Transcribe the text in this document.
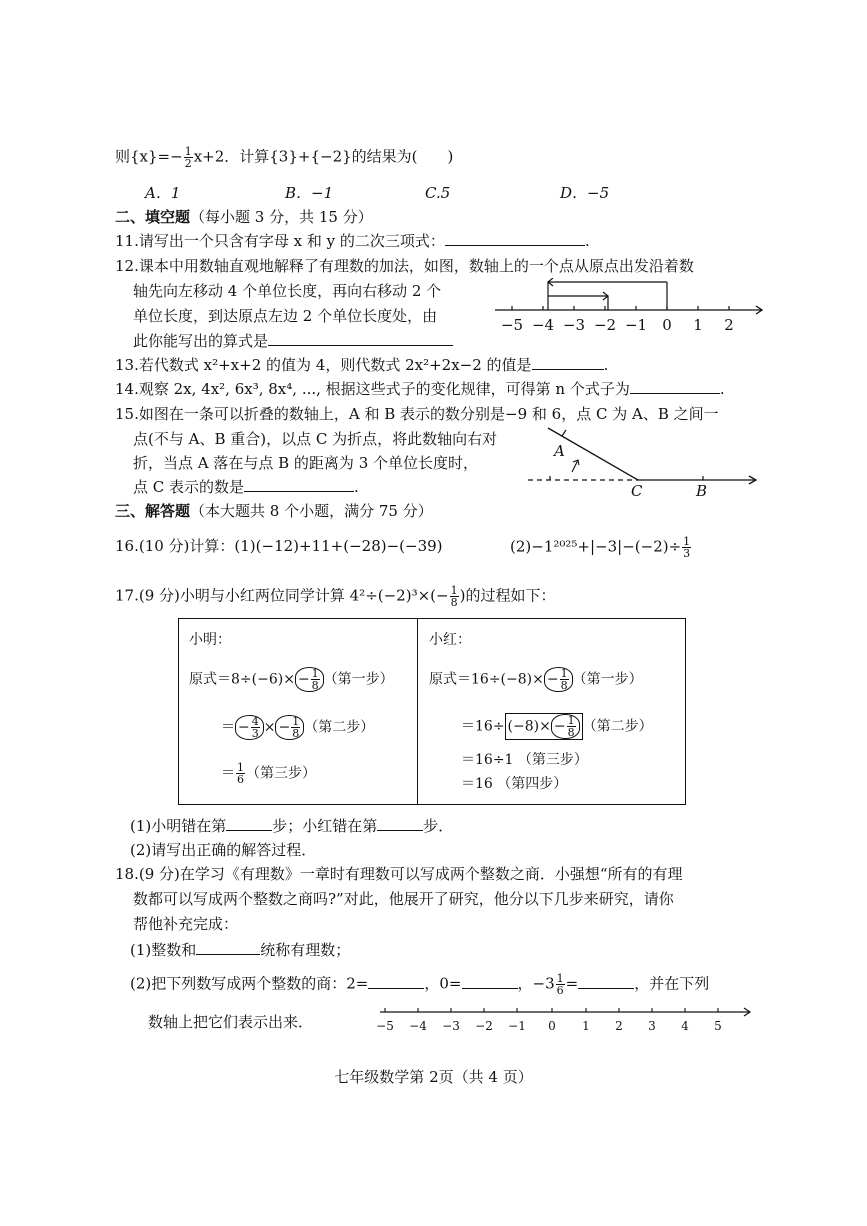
则$\{x\}=- \frac{1}{2} x+2$．计算{3}+{−2}的结果为(　　)
A．1	B．−1	C.5	D．−5
二、填空题（每小题 3 分，共 15 分）
11.请写出一个只含有字母 x 和 y 的二次三项式：	.
12.课本中用数轴直观地解释了有理数的加法，如图，数轴上的一个点从原点出发沿着数
轴先向左移动 4 个单位长度，再向右移动 2 个
单位长度，到达原点左边 2 个单位长度处，由
此你能写出的算式是
−5 −4 −3 −2 −1 0 1 2
13.若代数式 x²+x+2 的值为 4，则代数式 2x²+2x−2 的值是	.
14.观察 2x, 4x², 6x³, 8x⁴, ..., 根据这些式子的变化规律，可得第 n 个式子为	.
15.如图在一条可以折叠的数轴上，A 和 B 表示的数分别是−9 和 6，点 C 为 A、B 之间一
点(不与 A、B 重合)，以点 C 为折点，将此数轴向右对
折，当点 A 落在与点 B 的距离为 3 个单位长度时，
点 C 表示的数是	.
A
C	B
三、解答题（本大题共 8 个小题，满分 75 分）
16.(10 分)计算：(1)(−12)+11+(−28)−(−39)	$(2)-1^{2025}+|-3|-(-2)\div \frac{1}{3}$
17.(9 分)小明与小红两位同学计算 $4^2\div(-2)^3\times(- \frac{1}{8}$ )的过程如下：
小明：
原式$=8\div(-6)\times - \frac{1}{8}$ （第一步）
＝ − $\frac{4}{3}$ × − $\frac{1}{8}$ （第二步）
＝ $\frac{1}{6}$ （第三步）
小红：
原式$=16\div(-8)\times - \frac{1}{8}$ （第一步）
$=16\div (-8)\times - \frac{1}{8}$ （第二步）
＝16÷1 （第三步）
＝16 （第四步）
(1)小明错在第	步；小红错在第	步．
(2)请写出正确的解答过程．
18.(9 分)在学习《有理数》一章时有理数可以写成两个整数之商．小强想“所有的有理
数都可以写成两个整数之商吗?”对此，他展开了研究，他分以下几步来研究，请你
帮他补充完成：
(1)整数和	统称有理数；
(2)把下列数写成两个整数的商：2=	，0=	，$-3 \frac{1}{6}$ =	，并在下列
数轴上把它们表示出来．	−5 −4 −3 −2 −1 0 1 2 3 4 5
七年级数学第 2页（共 4 页）
